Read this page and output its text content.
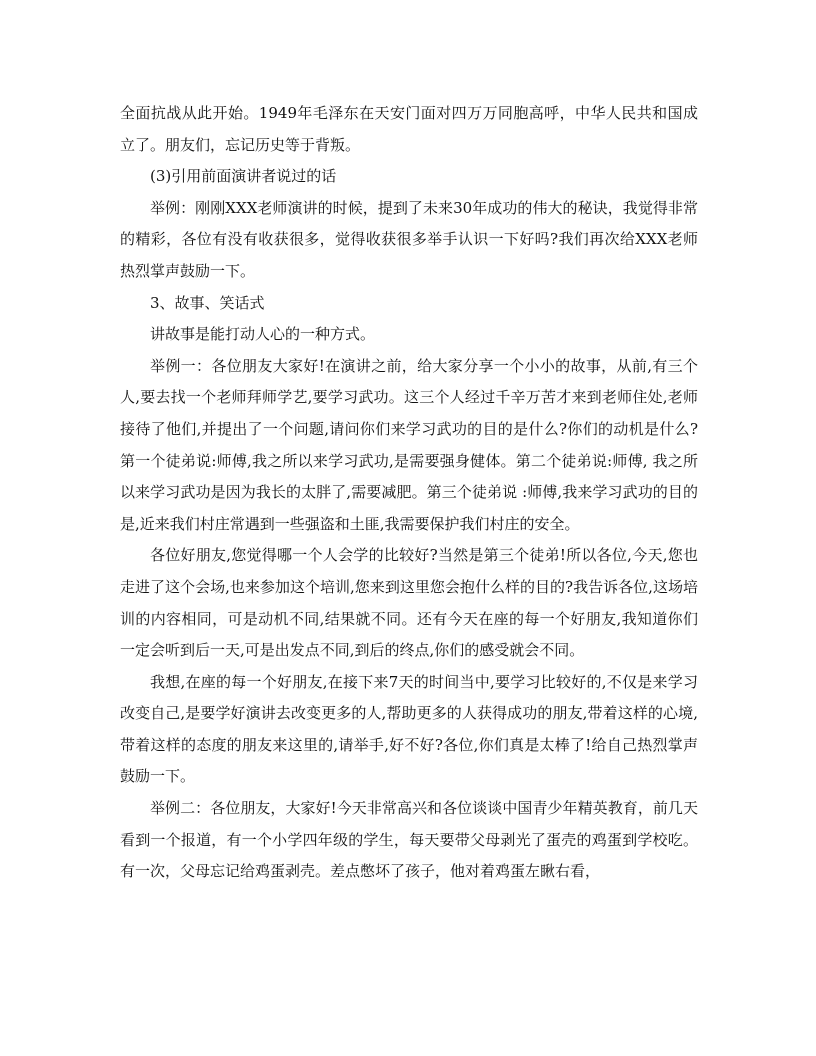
全面抗战从此开始。1949年毛泽东在天安门面对四万万同胞高呼，中华人民共和国成立了。朋友们，忘记历史等于背叛。

(3)引用前面演讲者说过的话

举例：刚刚XXX老师演讲的时候，提到了未来30年成功的伟大的秘诀，我觉得非常的精彩，各位有没有收获很多，觉得收获很多举手认识一下好吗?我们再次给XXX老师热烈掌声鼓励一下。

3、故事、笑话式

讲故事是能打动人心的一种方式。

举例一：各位朋友大家好!在演讲之前，给大家分享一个小小的故事，从前,有三个人,要去找一个老师拜师学艺,要学习武功。这三个人经过千辛万苦才来到老师住处,老师接待了他们,并提出了一个问题,请问你们来学习武功的目的是什么?你们的动机是什么?第一个徒弟说:师傅,我之所以来学习武功,是需要强身健体。第二个徒弟说:师傅, 我之所以来学习武功是因为我长的太胖了,需要减肥。第三个徒弟说 :师傅,我来学习武功的目的是,近来我们村庄常遇到一些强盗和土匪,我需要保护我们村庄的安全。

各位好朋友,您觉得哪一个人会学的比较好?当然是第三个徒弟!所以各位,今天,您也走进了这个会场,也来参加这个培训,您来到这里您会抱什么样的目的?我告诉各位,这场培训的内容相同，可是动机不同,结果就不同。还有今天在座的每一个好朋友,我知道你们一定会听到后一天,可是出发点不同,到后的终点,你们的感受就会不同。

我想,在座的每一个好朋友,在接下来7天的时间当中,要学习比较好的,不仅是来学习改变自己,是要学好演讲去改变更多的人,帮助更多的人获得成功的朋友,带着这样的心境,带着这样的态度的朋友来这里的,请举手,好不好?各位,你们真是太棒了!给自己热烈掌声鼓励一下。

举例二：各位朋友，大家好!今天非常高兴和各位谈谈中国青少年精英教育，前几天看到一个报道，有一个小学四年级的学生，每天要带父母剥光了蛋壳的鸡蛋到学校吃。有一次，父母忘记给鸡蛋剥壳。差点憋坏了孩子，他对着鸡蛋左瞅右看，
